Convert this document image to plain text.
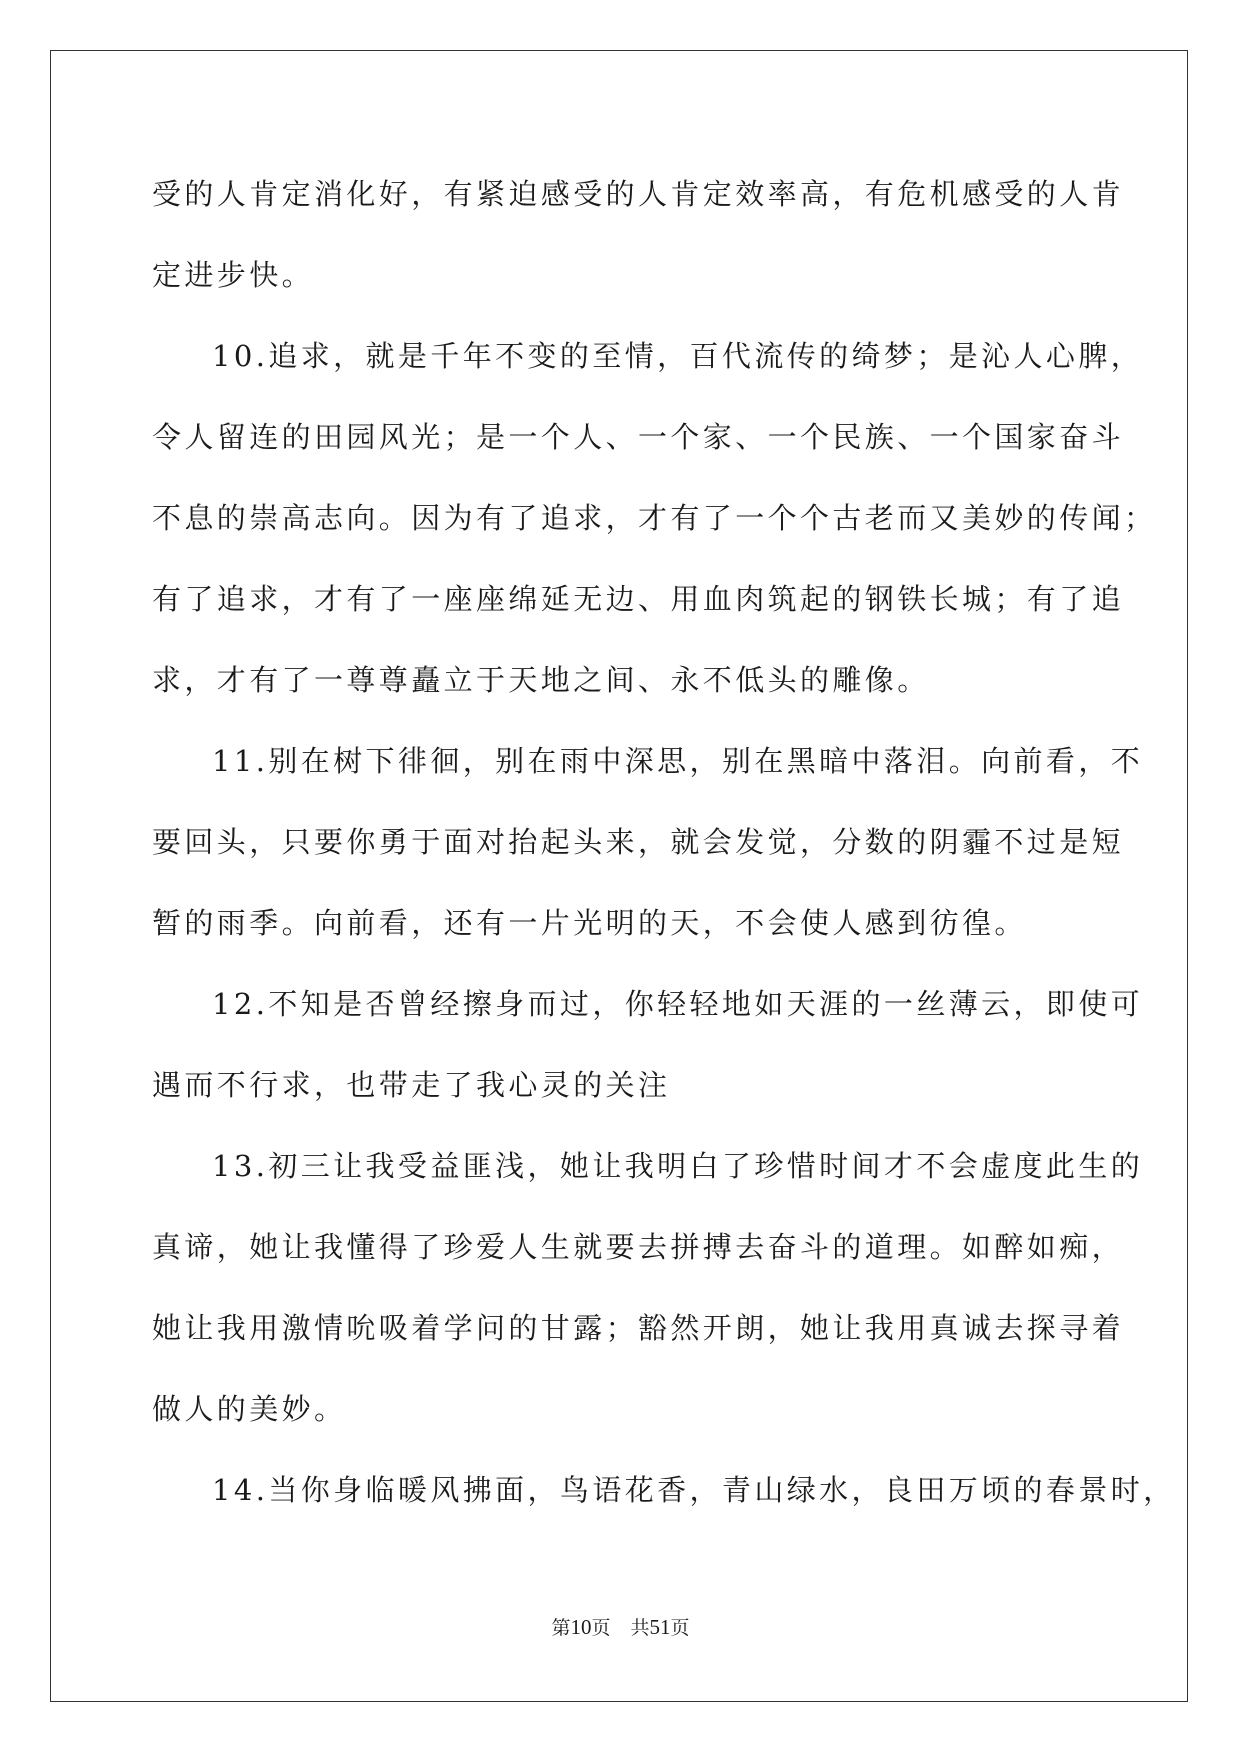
受的人肯定消化好，有紧迫感受的人肯定效率高，有危机感受的人肯
定进步快。
10.追求，就是千年不变的至情，百代流传的绮梦；是沁人心脾，
令人留连的田园风光；是一个人、一个家、一个民族、一个国家奋斗
不息的崇高志向。因为有了追求，才有了一个个古老而又美妙的传闻；
有了追求，才有了一座座绵延无边、用血肉筑起的钢铁长城；有了追
求，才有了一尊尊矗立于天地之间、永不低头的雕像。
11.别在树下徘徊，别在雨中深思，别在黑暗中落泪。向前看，不
要回头，只要你勇于面对抬起头来，就会发觉，分数的阴霾不过是短
暂的雨季。向前看，还有一片光明的天，不会使人感到彷徨。
12.不知是否曾经擦身而过，你轻轻地如天涯的一丝薄云，即使可
遇而不行求，也带走了我心灵的关注
13.初三让我受益匪浅，她让我明白了珍惜时间才不会虚度此生的
真谛，她让我懂得了珍爱人生就要去拼搏去奋斗的道理。如醉如痴，
她让我用激情吮吸着学问的甘露；豁然开朗，她让我用真诚去探寻着
做人的美妙。
14.当你身临暖风拂面，鸟语花香，青山绿水，良田万顷的春景时，
第10页 共51页
